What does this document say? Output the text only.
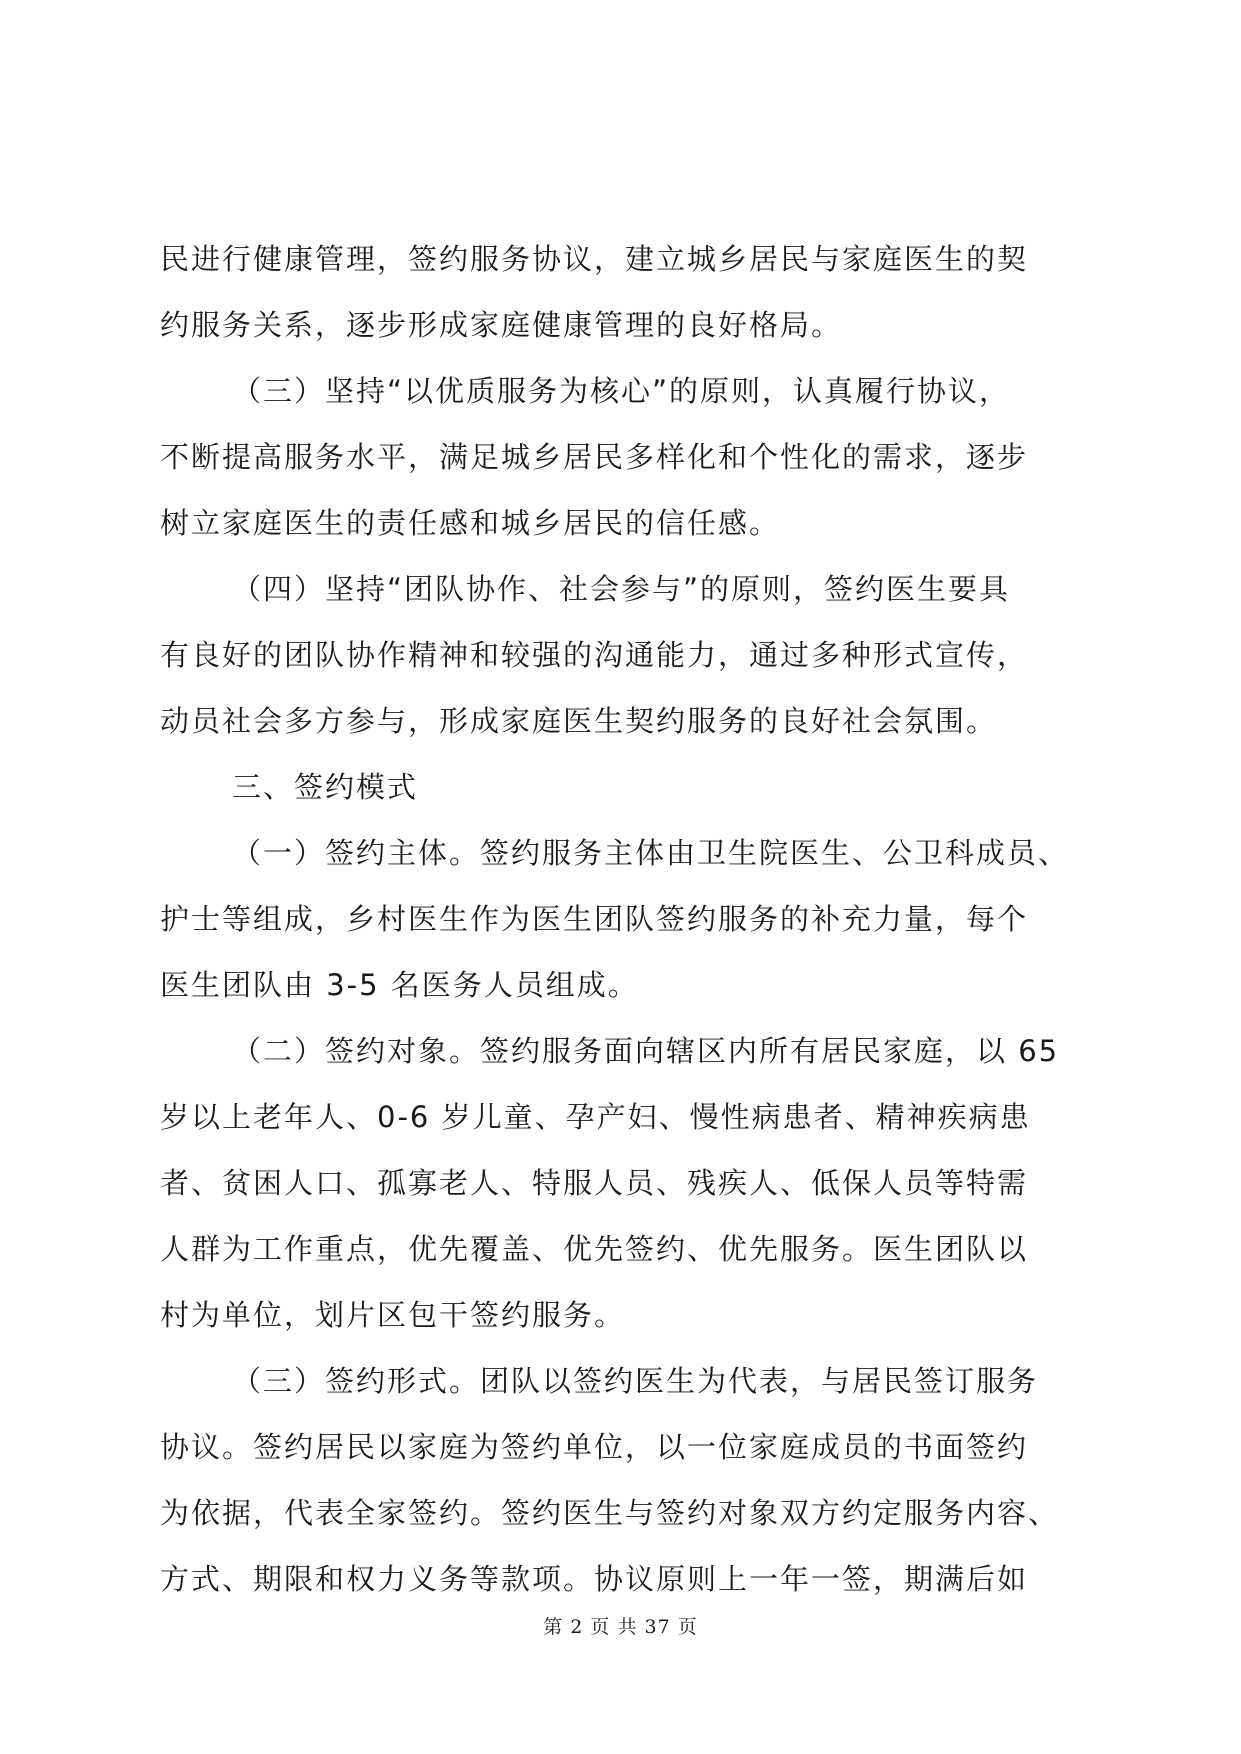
民进行健康管理，签约服务协议，建立城乡居民与家庭医生的契
约服务关系，逐步形成家庭健康管理的良好格局。
（三）坚持“以优质服务为核心”的原则，认真履行协议，
不断提高服务水平，满足城乡居民多样化和个性化的需求，逐步
树立家庭医生的责任感和城乡居民的信任感。
（四）坚持“团队协作、社会参与”的原则，签约医生要具
有良好的团队协作精神和较强的沟通能力，通过多种形式宣传，
动员社会多方参与，形成家庭医生契约服务的良好社会氛围。
三、签约模式
（一）签约主体。签约服务主体由卫生院医生、公卫科成员、
护士等组成，乡村医生作为医生团队签约服务的补充力量，每个
医生团队由 3-5 名医务人员组成。
（二）签约对象。签约服务面向辖区内所有居民家庭，以 65
岁以上老年人、0-6 岁儿童、孕产妇、慢性病患者、精神疾病患
者、贫困人口、孤寡老人、特服人员、残疾人、低保人员等特需
人群为工作重点，优先覆盖、优先签约、优先服务。医生团队以
村为单位，划片区包干签约服务。
（三）签约形式。团队以签约医生为代表，与居民签订服务
协议。签约居民以家庭为签约单位，以一位家庭成员的书面签约
为依据，代表全家签约。签约医生与签约对象双方约定服务内容、
方式、期限和权力义务等款项。协议原则上一年一签，期满后如
第 2 页 共 37 页
